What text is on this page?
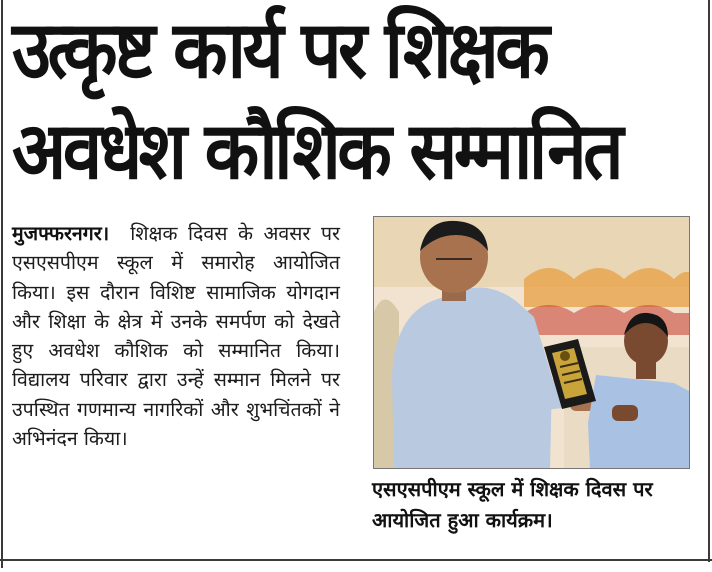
उत्कृष्ट कार्य पर शिक्षक
अवधेश कौशिक सम्मानित

मुजफ्फरनगर। शिक्षक दिवस के अवसर पर एसएसपीएम स्कूल में समारोह आयोजित किया। इस दौरान विशिष्ट सामाजिक योगदान और शिक्षा के क्षेत्र में उनके समर्पण को देखते हुए अवधेश कौशिक को सम्मानित किया। विद्यालय परिवार द्वारा उन्हें सम्मान मिलने पर उपस्थित गणमान्य नागरिकों और शुभचिंतकों ने अभिनंदन किया।

एसएसपीएम स्कूल में शिक्षक दिवस पर आयोजित हुआ कार्यक्रम।
